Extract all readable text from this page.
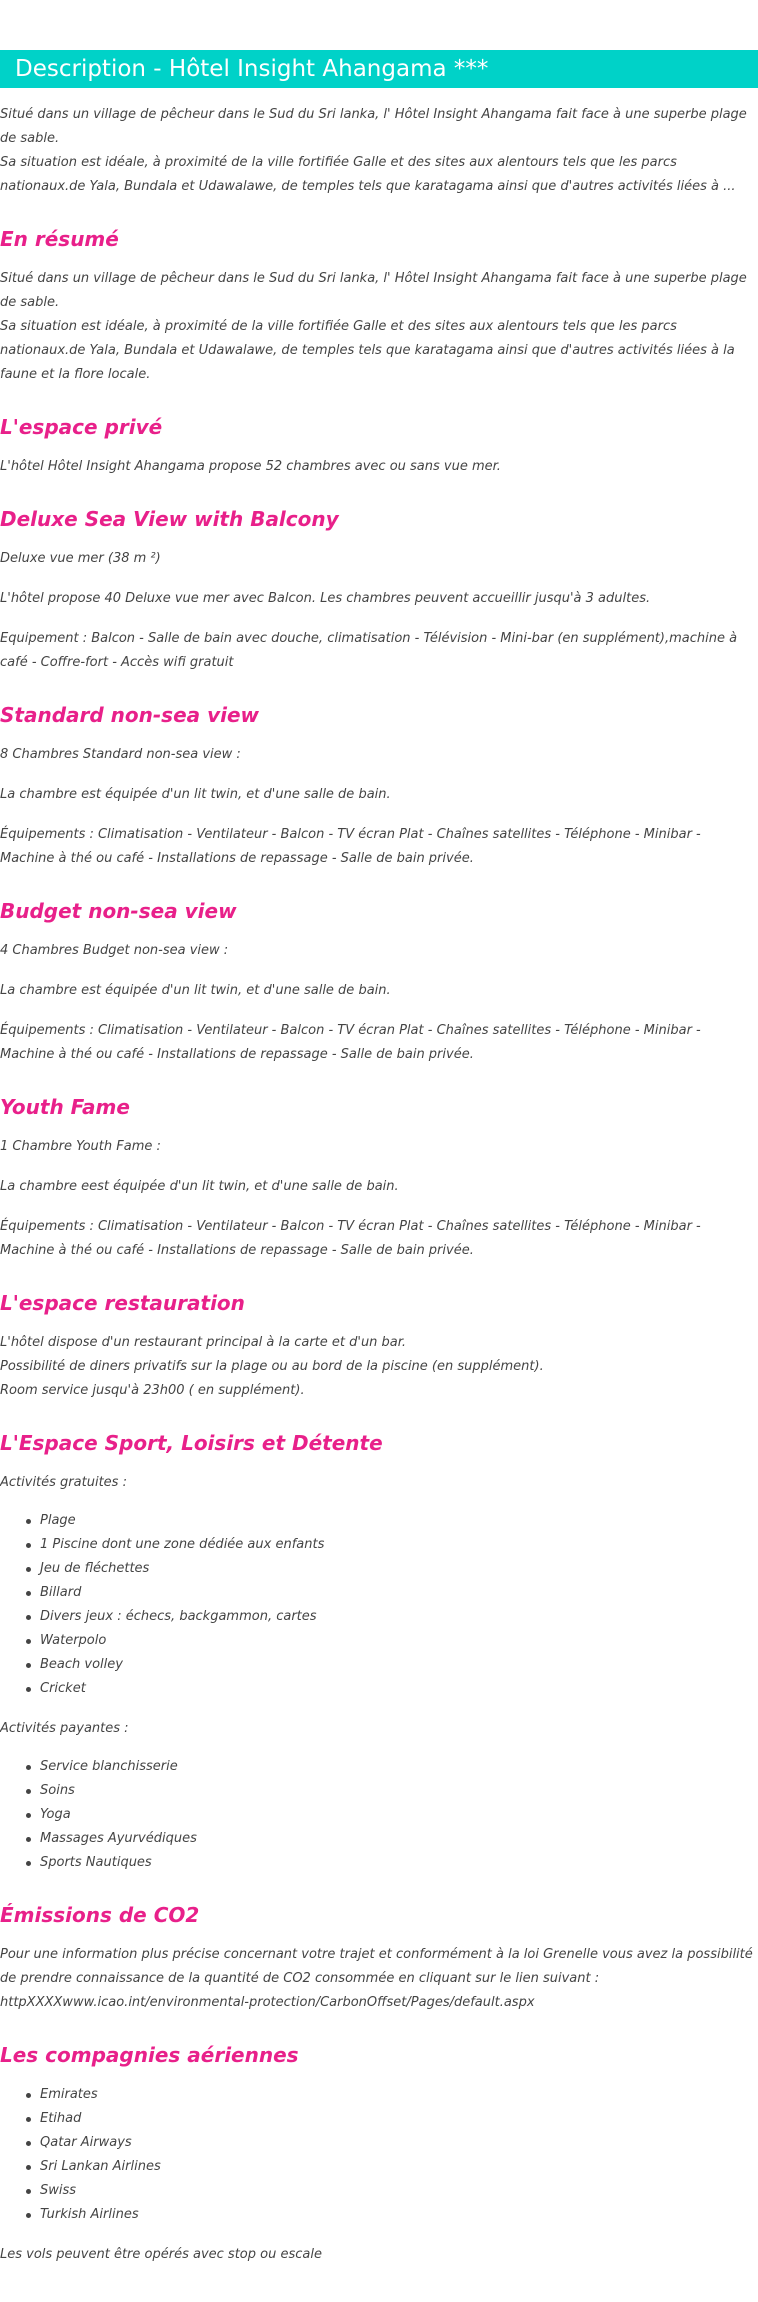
Description - Hôtel Insight Ahangama ***

Situé dans un village de pêcheur dans le Sud du Sri lanka, l' Hôtel Insight Ahangama fait face à une superbe plage de sable.

Sa situation est idéale, à proximité de la ville fortifiée Galle et des sites aux alentours tels que les parcs nationaux.de Yala, Bundala et Udawalawe, de temples tels que karatagama ainsi que d'autres activités liées à ...

En résumé

Situé dans un village de pêcheur dans le Sud du Sri lanka, l' Hôtel Insight Ahangama fait face à une superbe plage de sable.

Sa situation est idéale, à proximité de la ville fortifiée Galle et des sites aux alentours tels que les parcs nationaux.de Yala, Bundala et Udawalawe, de temples tels que karatagama ainsi que d'autres activités liées à la faune et la flore locale.

L'espace privé

L'hôtel Hôtel Insight Ahangama propose 52 chambres avec ou sans vue mer.

Deluxe Sea View with Balcony

Deluxe vue mer (38 m ²)

L'hôtel propose 40 Deluxe vue mer avec Balcon. Les chambres peuvent accueillir jusqu'à 3 adultes.

Equipement : Balcon - Salle de bain avec douche, climatisation - Télévision - Mini-bar (en supplément),machine à café - Coffre-fort - Accès wifi gratuit

Standard non-sea view

8 Chambres Standard non-sea view :

La chambre est équipée d'un lit twin, et d'une salle de bain.

Équipements : Climatisation - Ventilateur - Balcon - TV écran Plat - Chaînes satellites - Téléphone - Minibar - Machine à thé ou café - Installations de repassage - Salle de bain privée.

Budget non-sea view

4 Chambres Budget non-sea view :

La chambre est équipée d'un lit twin, et d'une salle de bain.

Équipements : Climatisation - Ventilateur - Balcon - TV écran Plat - Chaînes satellites - Téléphone - Minibar - Machine à thé ou café - Installations de repassage - Salle de bain privée.

Youth Fame

1 Chambre Youth Fame :

La chambre eest équipée d'un lit twin, et d'une salle de bain.

Équipements : Climatisation - Ventilateur - Balcon - TV écran Plat - Chaînes satellites - Téléphone - Minibar - Machine à thé ou café - Installations de repassage - Salle de bain privée.

L'espace restauration

L'hôtel dispose d'un restaurant principal à la carte et d'un bar.

Possibilité de diners privatifs sur la plage ou au bord de la piscine (en supplément).

Room service jusqu'à 23h00 ( en supplément).

L'Espace Sport, Loisirs et Détente

Activités gratuites :

Plage
1 Piscine dont une zone dédiée aux enfants
Jeu de fléchettes
Billard
Divers jeux : échecs, backgammon, cartes
Waterpolo
Beach volley
Cricket

Activités payantes :

Service blanchisserie
Soins
Yoga
Massages Ayurvédiques
Sports Nautiques
Émissions de CO2

Pour une information plus précise concernant votre trajet et conformément à la loi Grenelle vous avez la possibilité de prendre connaissance de la quantité de CO2 consommée en cliquant sur le lien suivant :

httpXXXXwww.icao.int/environmental-protection/CarbonOffset/Pages/default.aspx

Les compagnies aériennes
Emirates
Etihad
Qatar Airways
Sri Lankan Airlines
Swiss
Turkish Airlines

Les vols peuvent être opérés avec stop ou escale
